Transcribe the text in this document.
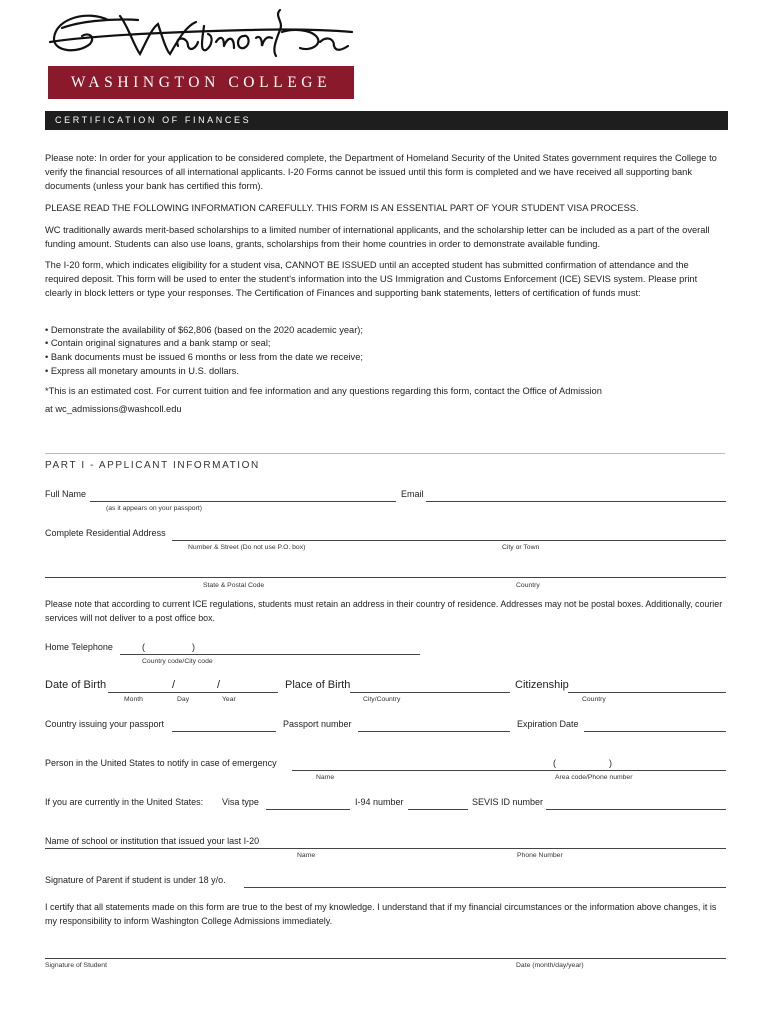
WASHINGTON COLLEGE
CERTIFICATION OF FINANCES

Please note: In order for your application to be considered complete, the Department of Homeland Security of the United States government requires the College to verify the financial resources of all international applicants. I-20 Forms cannot be issued until this form is completed and we have received all supporting bank documents (unless your bank has certified this form).

PLEASE READ THE FOLLOWING INFORMATION CAREFULLY. THIS FORM IS AN ESSENTIAL PART OF YOUR STUDENT VISA PROCESS.

WC traditionally awards merit-based scholarships to a limited number of international applicants, and the scholarship letter can be included as a part of the overall funding amount. Students can also use loans, grants, scholarships from their home countries in order to demonstrate available funding.

The I-20 form, which indicates eligibility for a student visa, CANNOT BE ISSUED until an accepted student has submitted confirmation of attendance and the required deposit. This form will be used to enter the student's information into the US Immigration and Customs Enforcement (ICE) SEVIS system. Please print clearly in block letters or type your responses. The Certification of Finances and supporting bank statements, letters of certification of funds must:

• Demonstrate the availability of $62,806 (based on the 2020 academic year);

• Contain original signatures and a bank stamp or seal;

• Bank documents must be issued 6 months or less from the date we receive;

• Express all monetary amounts in U.S. dollars.

*This is an estimated cost. For current tuition and fee information and any questions regarding this form, contact the Office of Admission

at wc_admissions@washcoll.edu

PART I - APPLICANT INFORMATION
Full Name	Email
(as it appears on your passport)
Complete Residential Address
Number & Street (Do not use P.O. box)	City or Town
State & Postal Code	Country

Please note that according to current ICE regulations, students must retain an address in their country of residence. Addresses may not be postal boxes. Additionally, courier services will not deliver to a post office box.

Home Telephone	(	)
Country code/City code
Date of Birth	/	/	Place of Birth	Citizenship
Month	Day	Year	City/Country	Country
Country issuing your passport	Passport number	Expiration Date
Person in the United States to notify in case of emergency	(	)
Name	Area code/Phone number
If you are currently in the United States: Visa type	I-94 number	SEVIS ID number
Name of school or institution that issued your last I-20
Name	Phone Number
Signature of Parent if student is under 18 y/o.

I certify that all statements made on this form are true to the best of my knowledge. I understand that if my financial circumstances or the information above changes, it is my responsibility to inform Washington College Admissions immediately.

Signature of Student	Date (month/day/year)
